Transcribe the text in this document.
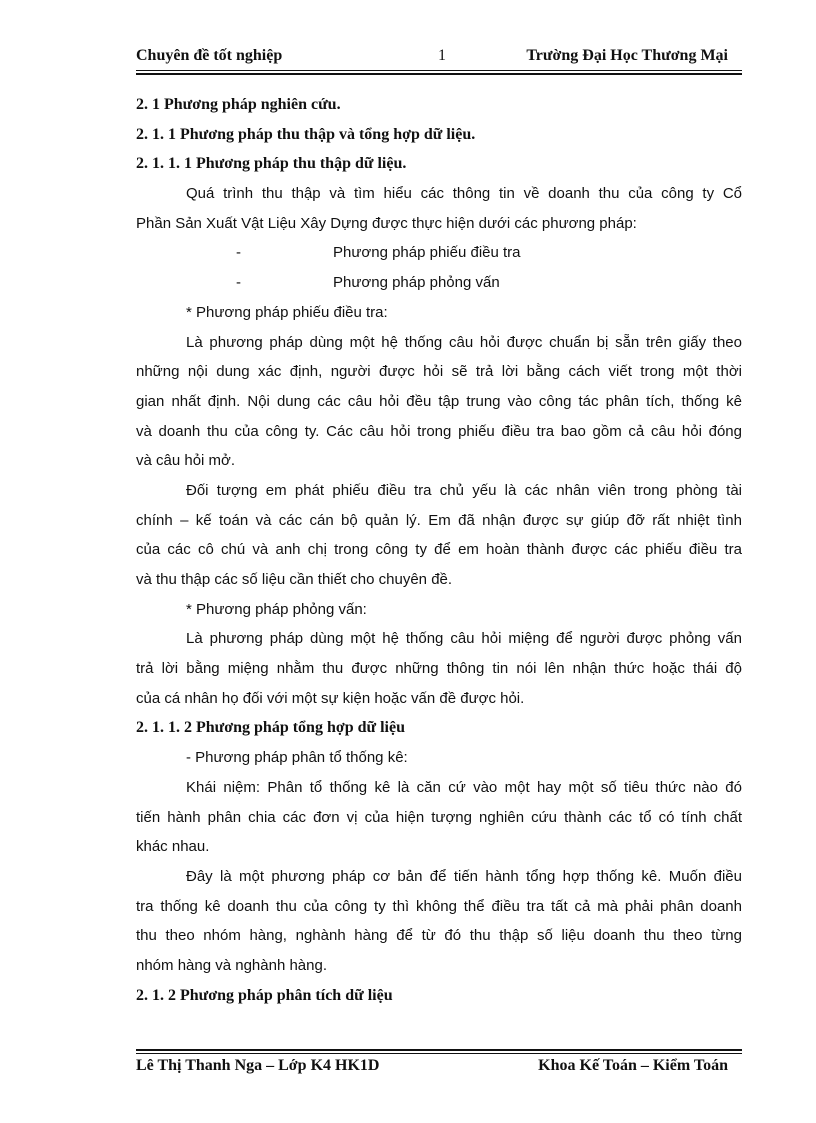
Chuyên đề tốt nghiệp	1	Trường Đại Học Thương Mại
2. 1 Phương pháp nghiên cứu.
2. 1. 1 Phương pháp thu thập và tổng hợp dữ liệu.
2. 1. 1. 1 Phương pháp thu thập dữ liệu.
Quá trình thu thập và tìm hiểu các thông tin về doanh thu của công ty Cổ
Phần Sản Xuất Vật Liệu Xây Dựng được thực hiện dưới các phương pháp:
-	Phương pháp phiếu điều tra
-	Phương pháp phỏng vấn
* Phương pháp phiếu điều tra:
Là phương pháp dùng một hệ thống câu hỏi được chuẩn bị sẵn trên giấy theo
những nội dung xác định, người được hỏi sẽ trả lời bằng cách viết trong một thời
gian nhất định. Nội dung các câu hỏi đều tập trung vào công tác phân tích, thống kê
và doanh thu của công ty. Các câu hỏi trong phiếu điều tra bao gồm cả câu hỏi đóng
và câu hỏi mở.
Đối tượng em phát phiếu điều tra chủ yếu là các nhân viên trong phòng tài
chính – kế toán và các cán bộ quản lý. Em đã nhận được sự giúp đỡ rất nhiệt tình
của các cô chú và anh chị trong công ty để em hoàn thành được các phiếu điều tra
và thu thập các số liệu cần thiết cho chuyên đề.
* Phương pháp phỏng vấn:
Là phương pháp dùng một hệ thống câu hỏi miệng để người được phỏng vấn
trả lời bằng miệng nhằm thu được những thông tin nói lên nhận thức hoặc thái độ
của cá nhân họ đối với một sự kiện hoặc vấn đề được hỏi.
2. 1. 1. 2 Phương pháp tổng hợp dữ liệu
- Phương pháp phân tổ thống kê:
Khái niệm: Phân tổ thống kê là căn cứ vào một hay một số tiêu thức nào đó
tiến hành phân chia các đơn vị của hiện tượng nghiên cứu thành các tổ có tính chất
khác nhau.
Đây là một phương pháp cơ bản để tiến hành tổng hợp thống kê. Muốn điều
tra thống kê doanh thu của công ty thì không thể điều tra tất cả mà phải phân doanh
thu theo nhóm hàng, nghành hàng để từ đó thu thập số liệu doanh thu theo từng
nhóm hàng và nghành hàng.
2. 1. 2 Phương pháp phân tích dữ liệu
Lê Thị Thanh Nga – Lớp K4 HK1D	Khoa Kế Toán – Kiểm Toán
